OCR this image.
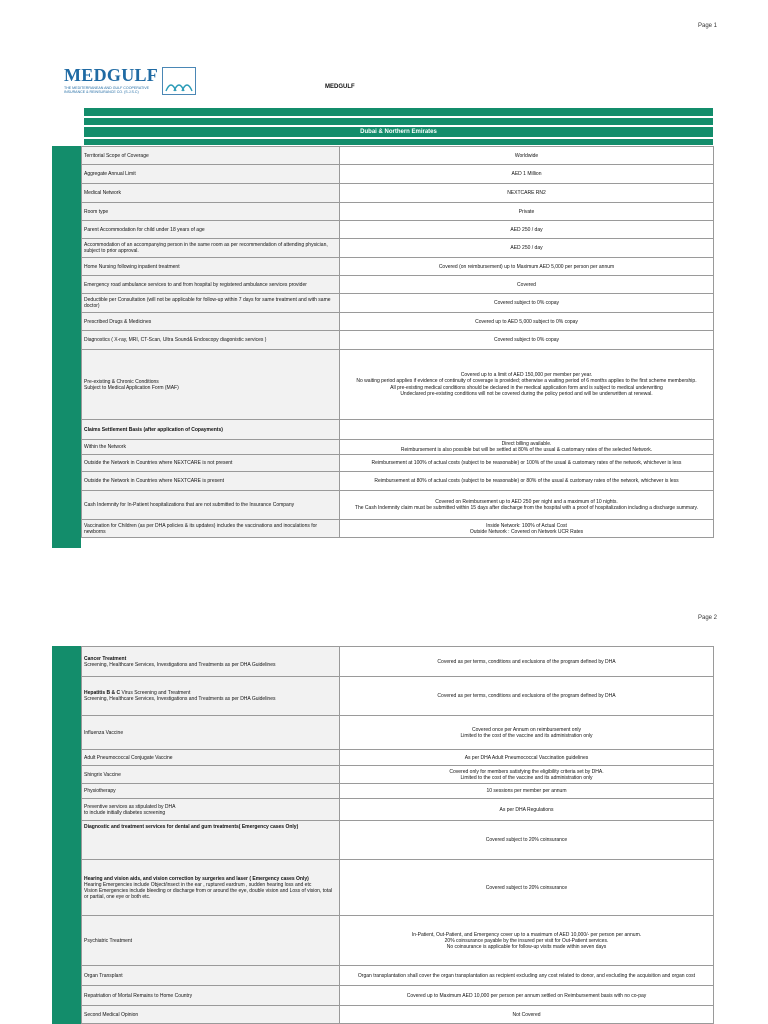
Page 1
MEDGULF
THE MEDITERRANEAN AND GULF COOPERATIVE
INSURANCE & REINSURANCE CO. (S.J.S.C)
MEDGULF
Dubai & Northern Emirates
Territorial Scope of Coverage	Worldwide
Aggregate Annual Limit	AED 1 Million
Medical Network	NEXTCARE RN2
Room type	Private
Parent Accommodation for child under 18 years of age	AED 250 / day
Accommodation of an accompanying person in the same room as per recommendation of attending physician, subject to prior approval.	AED 250 / day
Home Nursing following inpatient treatment	Covered (on reimbursement) up to Maximum AED 5,000 per person per annum
Emergency road ambulance services to and from hospital by registered ambulance services provider	Covered
Deductible per Consultation (will not be applicable for follow-up within 7 days for same treatment and with same doctor)	Covered subject to 0% copay
Prescribed Drugs & Medicines	Covered up to AED 5,000 subject to 0% copay
Diagnostics ( X-ray, MRI, CT-Scan, Ultra Sound& Endoscopy diagonistic services )	Covered subject to 0% copay
Pre-existing & Chronic Conditions
Subject to Medical Application Form (MAF)	Covered up to a limit of AED 150,000 per member per year.
No waiting period applies if evidence of continuity of coverage is provided; otherwise a waiting period of 6 months applies to the first scheme membership.
All pre-existing medical conditions should be declared in the medical application form and is subject to medical underwriting
Undeclared pre-existing conditions will not be covered during the policy period and will be underwritten at renewal.
Claims Settlement Basis (after application of Copayments)	
Within the Network	Direct billing available.
Reimbursement is also possible but will be settled at 80% of the usual & customary rates of the selected Network.
Outside the Network in Countries where NEXTCARE is not present	Reimbursement at 100% of actual costs (subject to be reasonable) or 100% of the usual & customary rates of the network, whichever is less
Outside the Network in Countries where NEXTCARE is present	Reimbursement at 80% of actual costs (subject to be reasonable) or 80% of the usual & customary rates of the network, whichever is less
Cash Indemnity for In-Patient hospitalizations that are not submitted to the Insurance Company	Covered on Reimbursement up to AED 250 per night and a maximum of 10 nights.
The Cash Indemnity claim must be submitted within 15 days after discharge from the hospital with a proof of hospitalization including a discharge summary.
Vaccination for Children (as per DHA policies & its updates) includes the vaccinations and inoculations for newborns	Inside Network: 100% of Actual Cost
Outside Network : Covered on Network UCR Rates
Page 2
Cancer Treatment
Screening, Healthcare Services, Investigations and Treatments as per DHA Guidelines	Covered as per terms, conditions and exclusions of the program defined by DHA
Hepatitis B & C Virus Screening and Treatment
Screening, Healthcare Services, Investigations and Treatments as per DHA Guidelines	Covered as per terms, conditions and exclusions of the program defined by DHA
Influenza Vaccine	Covered once per Annum on reimbursement only
Limited to the cost of the vaccine and its administration only
Adult Pneumococcal Conjugate Vaccine	As per DHA Adult Pneumococcal Vaccination guidelines
Shingrix Vaccine	Covered only for members satisfying the eligibility criteria set by DHA.
Limited to the cost of the vaccine and its administration only
Physiotherapy	10 sessions per member per annum
Preventive services as stipulated by DHA
to include initially diabetes screening	As per DHA Regulations
Diagnostic and treatment services for dental and gum treatments( Emergency cases Only)	Covered subject to 20% coinsurance

Hearing and vision aids, and vision correction by surgeries and laser ( Emergency cases Only)
Hearing Emergencies include Object/insect in the ear , ruptured eardrum , sudden hearing loss and etc
Vision Emergencies include bleeding or discharge from or around the eye, double vision and Loss of vision, total or partial, one eye or both etc.	Covered subject to 20% coinsurance
Psychiatric Treatment	In-Patient, Out-Patient, and Emergency cover up to a maximum of AED 10,000/- per person per annum.
20% coinsurance payable by the insured per visit for Out-Patient services.
No coinsurance is applicable for follow-up visits made within seven days
Organ Transplant	Organ transplantation shall cover the organ transplantation as recipient excluding any cost related to donor, and excluding the acquisition and organ cost
Repatriation of Mortal Remains to Home Country	Covered up to Maximum AED 10,000 per person per annum settled on Reimbursement basis with no co-pay
Second Medical Opinion	Not Covered
